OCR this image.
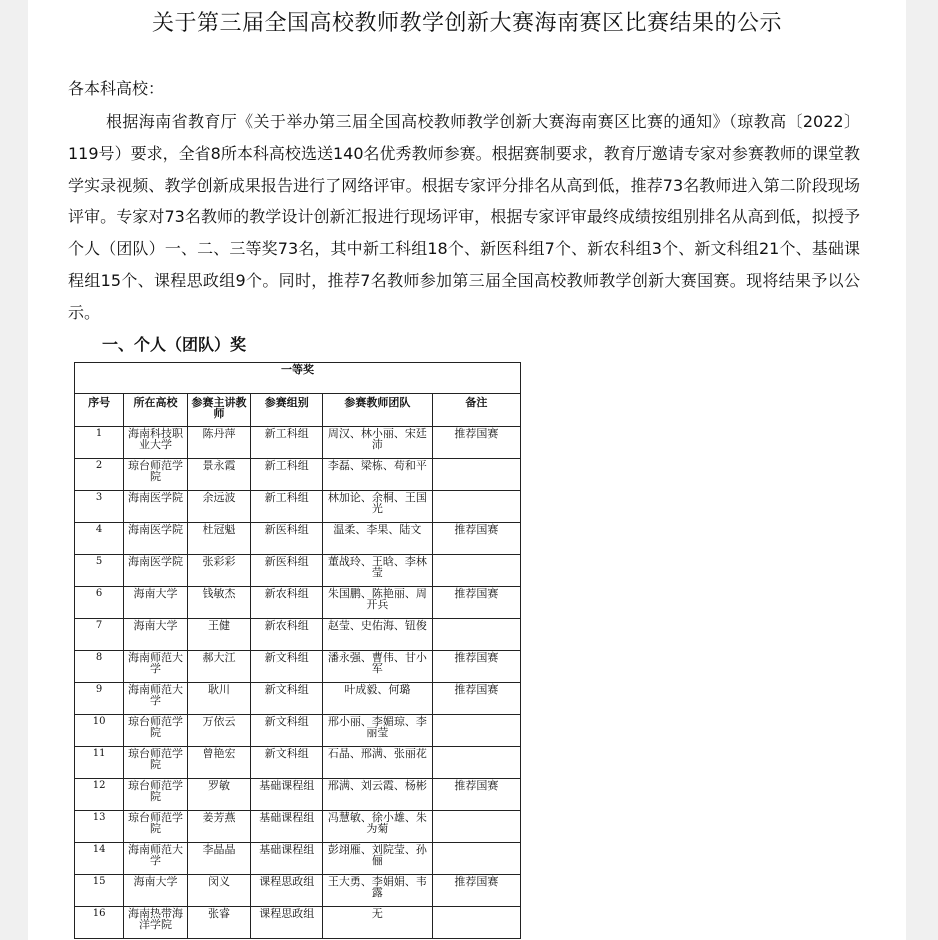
关于第三届全国高校教师教学创新大赛海南赛区比赛结果的公示
各本科高校：

根据海南省教育厅《关于举办第三届全国高校教师教学创新大赛海南赛区比赛的通知》（琼教高〔2022〕119号）要求，全省8所本科高校选送140名优秀教师参赛。根据赛制要求，教育厅邀请专家对参赛教师的课堂教学实录视频、教学创新成果报告进行了网络评审。根据专家评分排名从高到低，推荐73名教师进入第二阶段现场评审。专家对73名教师的教学设计创新汇报进行现场评审，根据专家评审最终成绩按组别排名从高到低，拟授予个人（团队）一、二、三等奖73名，其中新工科组18个、新医科组7个、新农科组3个、新文科组21个、基础课程组15个、课程思政组9个。同时，推荐7名教师参加第三届全国高校教师教学创新大赛国赛。现将结果予以公示。

一、个人（团队）奖
一等奖					
序号	所在高校	参赛主讲教师	参赛组别	参赛教师团队	备注
1	海南科技职业大学	陈丹萍	新工科组	周汉、林小丽、宋廷沛	推荐国赛
2	琼台师范学院	景永霞	新工科组	李磊、梁栋、苟和平	
3	海南医学院	余远波	新工科组	林加论、余桐、王国光	
4	海南医学院	杜冠魁	新医科组	温柔、李果、陆文	推荐国赛
5	海南医学院	张彩彩	新医科组	董战玲、王晗、李林莹	
6	海南大学	钱敏杰	新农科组	朱国鹏、陈艳丽、周开兵	推荐国赛
7	海南大学	王健	新农科组	赵莹、史佑海、钮俊	
8	海南师范大学	郝大江	新文科组	潘永强、曹伟、甘小军	推荐国赛
9	海南师范大学	耿川	新文科组	叶成毅、何璐	推荐国赛
10	琼台师范学院	万依云	新文科组	邢小丽、李媚琼、李丽莹	
11	琼台师范学院	曾艳宏	新文科组	石晶、邢满、张丽花	
12	琼台师范学院	罗敏	基础课程组	邢满、刘云霞、杨彬	推荐国赛
13	琼台师范学院	姜芳燕	基础课程组	冯慧敏、徐小雄、朱为菊	
14	海南师范大学	李晶晶	基础课程组	彭翊雁、刘院莹、孙俪	
15	海南大学	闵义	课程思政组	王大勇、李娟娟、韦露	推荐国赛
16	海南热带海洋学院	张睿	课程思政组	无	
